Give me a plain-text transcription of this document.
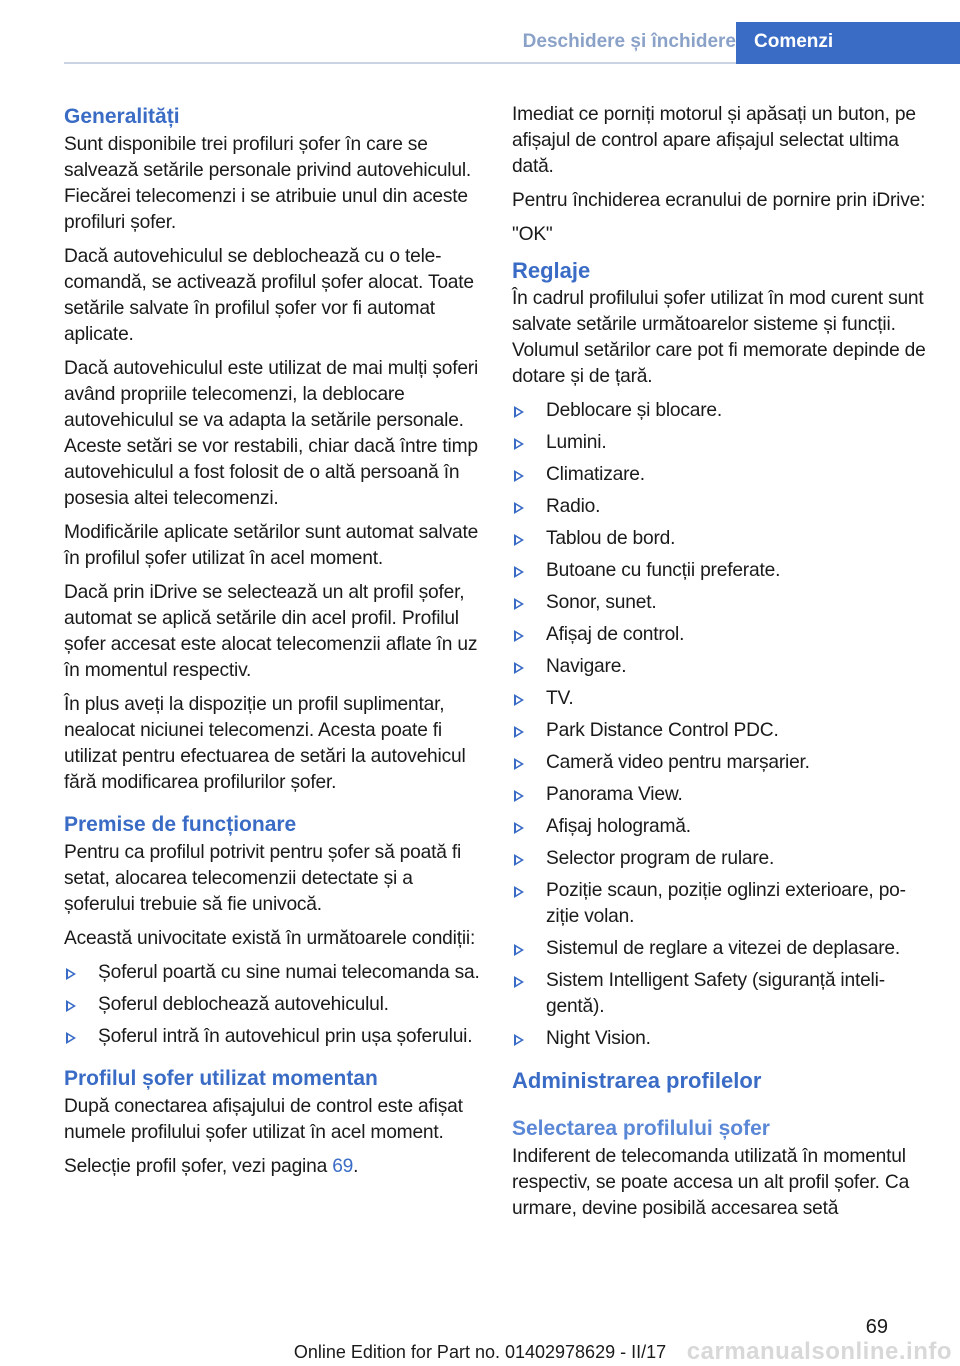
Deschidere și închidere Comenzi
Generalități

Sunt disponibile trei profiluri șofer în care se salvează setările personale privind autovehiculul. Fiecărei telecomenzi i se atribuie unul din aceste profiluri șofer.

Dacă autovehiculul se deblochează cu o telecomandă, se activează profilul șofer alocat. Toate setările salvate în profilul șofer vor fi automat aplicate.

Dacă autovehiculul este utilizat de mai mulți șoferi având propriile telecomenzi, la deblocare autovehiculul se va adapta la setările personale. Aceste setări se vor restabili, chiar dacă între timp autovehiculul a fost folosit de o altă persoană în posesia altei telecomenzi.

Modificările aplicate setărilor sunt automat salvate în profilul șofer utilizat în acel moment.

Dacă prin iDrive se selectează un alt profil șofer, automat se aplică setările din acel profil. Profilul șofer accesat este alocat telecomenzii aflate în uz în momentul respectiv.

În plus aveți la dispoziție un profil suplimentar, nealocat niciunei telecomenzi. Acesta poate fi utilizat pentru efectuarea de setări la autovehicul fără modificarea profilurilor șofer.

Premise de funcționare

Pentru ca profilul potrivit pentru șofer să poată fi setat, alocarea telecomenzii detectate și a șoferului trebuie să fie univocă.

Această univocitate există în următoarele condiții:

Șoferul poartă cu sine numai telecomanda sa.
Șoferul deblochează autovehiculul.
Șoferul intră în autovehicul prin ușa șoferului.
Profilul șofer utilizat momentan

După conectarea afișajului de control este afișat numele profilului șofer utilizat în acel moment.

Selecție profil șofer, vezi pagina 69.

Imediat ce porniți motorul și apăsați un buton, pe afișajul de control apare afișajul selectat ultima dată.

Pentru închiderea ecranului de pornire prin iDrive:

"OK"

Reglaje

În cadrul profilului șofer utilizat în mod curent sunt salvate setările următoarelor sisteme și funcții. Volumul setărilor care pot fi memorate depinde de dotare și de țară.

Deblocare și blocare.
Lumini.
Climatizare.
Radio.
Tablou de bord.
Butoane cu funcții preferate.
Sonor, sunet.
Afișaj de control.
Navigare.
TV.
Park Distance Control PDC.
Cameră video pentru marșarier.
Panorama View.
Afișaj hologramă.
Selector program de rulare.
Poziție scaun, poziție oglinzi exterioare, poziție volan.
Sistemul de reglare a vitezei de deplasare.
Sistem Intelligent Safety (siguranță inteligentă).
Night Vision.
Administrarea profilelor
Selectarea profilului șofer

Indiferent de telecomanda utilizată în momentul respectiv, se poate accesa un alt profil șofer. Ca urmare, devine posibilă accesarea setă

69
Online Edition for Part no. 01402978629 - II/17 carmanualsonline.info
